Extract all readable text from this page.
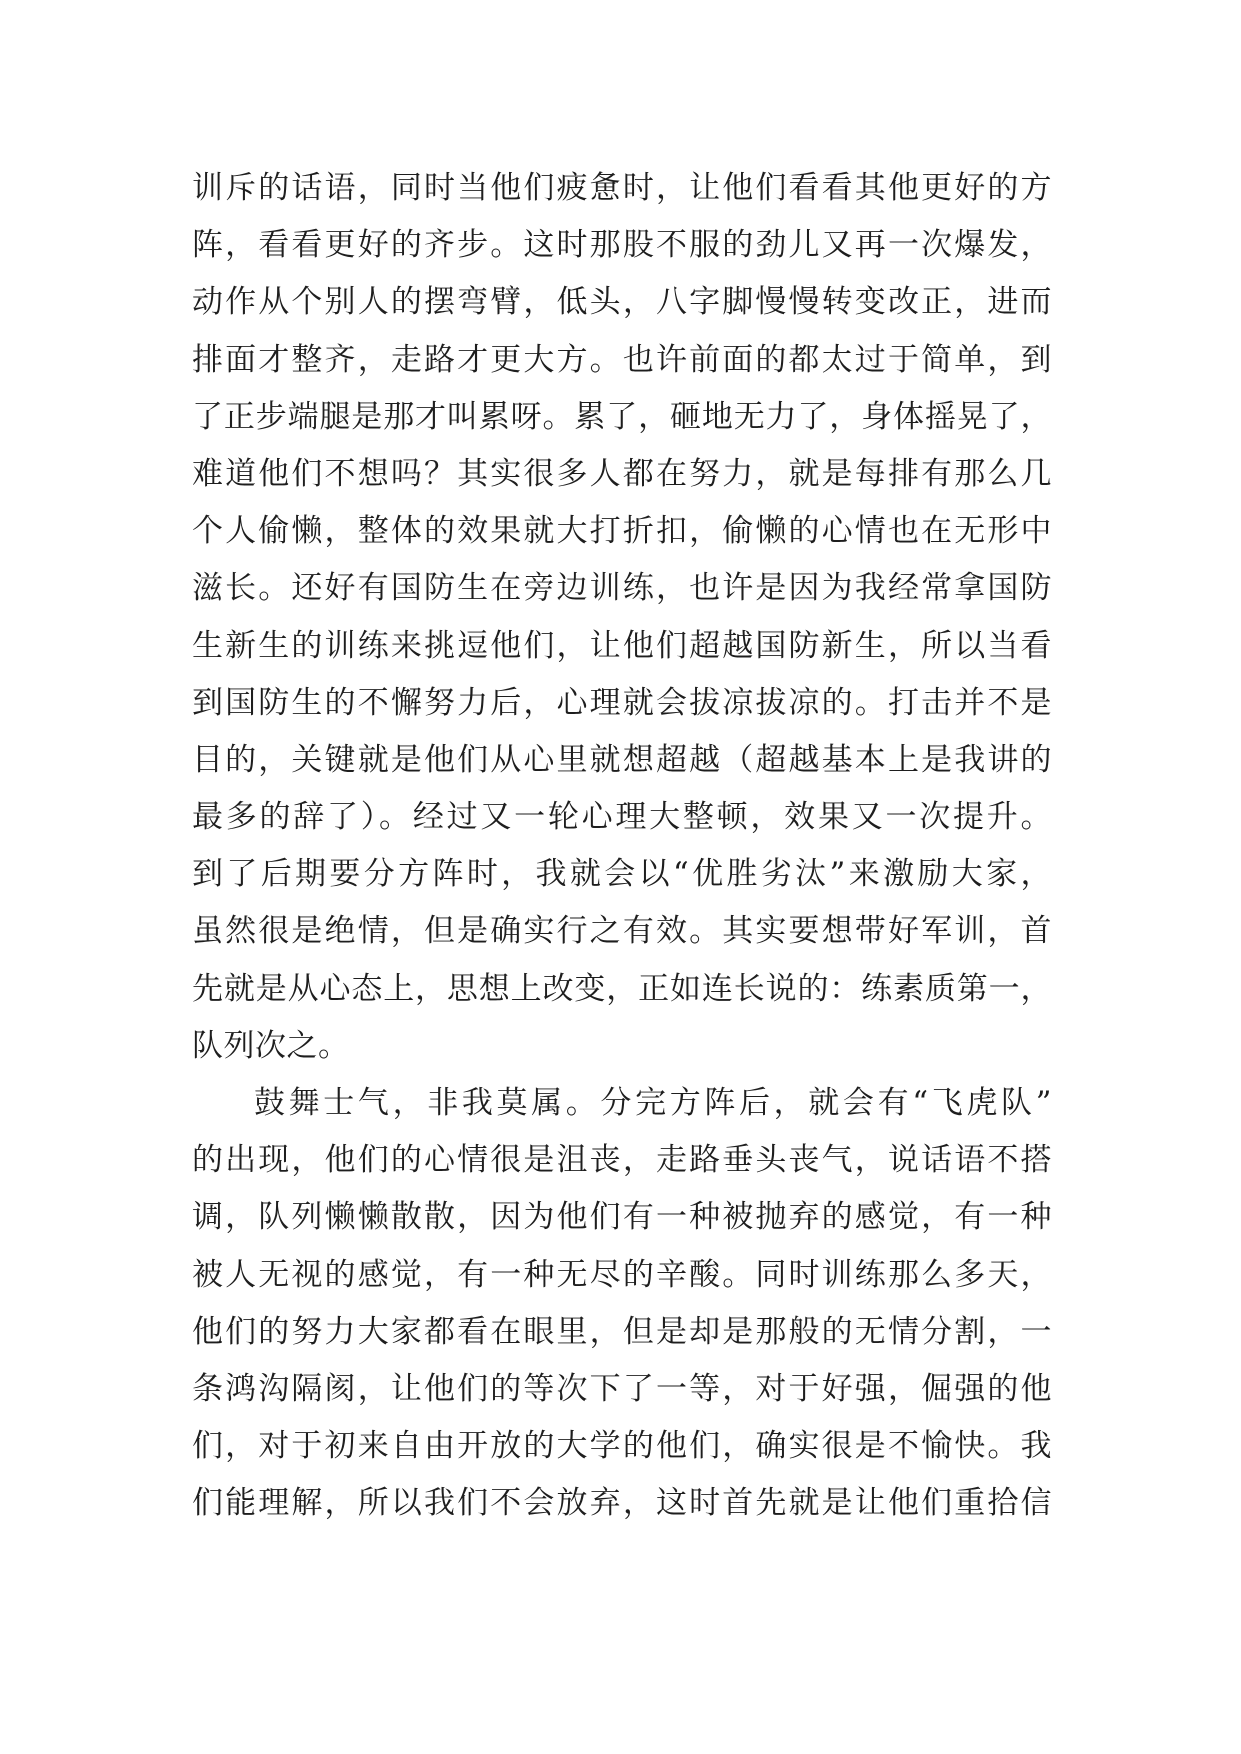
训斥的话语，同时当他们疲惫时，让他们看看其他更好的方
阵，看看更好的齐步。这时那股不服的劲儿又再一次爆发，
动作从个别人的摆弯臂，低头，八字脚慢慢转变改正，进而
排面才整齐，走路才更大方。也许前面的都太过于简单，到
了正步端腿是那才叫累呀。累了，砸地无力了，身体摇晃了，
难道他们不想吗？其实很多人都在努力，就是每排有那么几
个人偷懒，整体的效果就大打折扣，偷懒的心情也在无形中
滋长。还好有国防生在旁边训练，也许是因为我经常拿国防
生新生的训练来挑逗他们，让他们超越国防新生，所以当看
到国防生的不懈努力后，心理就会拔凉拔凉的。打击并不是
目的，关键就是他们从心里就想超越（超越基本上是我讲的
最多的辞了）。经过又一轮心理大整顿，效果又一次提升。
到了后期要分方阵时，我就会以“优胜劣汰”来激励大家，
虽然很是绝情，但是确实行之有效。其实要想带好军训，首
先就是从心态上，思想上改变，正如连长说的：练素质第一，
队列次之。
鼓舞士气，非我莫属。分完方阵后，就会有“飞虎队”
的出现，他们的心情很是沮丧，走路垂头丧气，说话语不搭
调，队列懒懒散散，因为他们有一种被抛弃的感觉，有一种
被人无视的感觉，有一种无尽的辛酸。同时训练那么多天，
他们的努力大家都看在眼里，但是却是那般的无情分割，一
条鸿沟隔阂，让他们的等次下了一等，对于好强，倔强的他
们，对于初来自由开放的大学的他们，确实很是不愉快。我
们能理解，所以我们不会放弃，这时首先就是让他们重拾信
